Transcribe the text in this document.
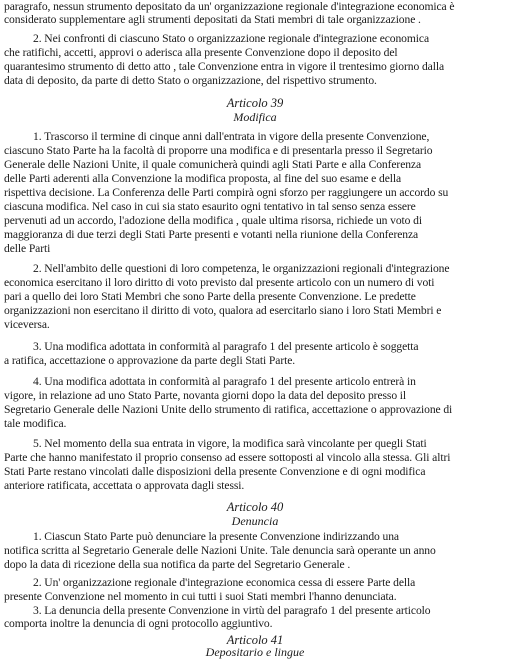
paragrafo, nessun strumento depositato da un' organizzazione regionale d'integrazione economica è
considerato supplementare agli strumenti depositati da Stati membri di tale organizzazione .
2. Nei confronti di ciascuno Stato o organizzazione regionale d'integrazione economica
che ratifichi, accetti, approvi o aderisca alla presente Convenzione dopo il deposito del
quarantesimo strumento di detto atto , tale Convenzione entra in vigore il trentesimo giorno dalla
data di deposito, da parte di detto Stato o organizzazione, del rispettivo strumento.
Articolo 39
Modifica
1. Trascorso il termine di cinque anni dall'entrata in vigore della presente Convenzione,
ciascuno Stato Parte ha la facoltà di proporre una modifica e di presentarla presso il Segretario
Generale delle Nazioni Unite, il quale comunicherà quindi agli Stati Parte e alla Conferenza
delle Parti aderenti alla Convenzione la modifica proposta, al fine del suo esame e della
rispettiva decisione. La Conferenza delle Parti compirà ogni sforzo per raggiungere un accordo su
ciascuna modifica. Nel caso in cui sia stato esaurito ogni tentativo in tal senso senza essere
pervenuti ad un accordo, l'adozione della modifica , quale ultima risorsa, richiede un voto di
maggioranza di due terzi degli Stati Parte presenti e votanti nella riunione della Conferenza
delle Parti
2. Nell'ambito delle questioni di loro competenza, le organizzazioni regionali d'integrazione
economica esercitano il loro diritto di voto previsto dal presente articolo con un numero di voti
pari a quello dei loro Stati Membri che sono Parte della presente Convenzione. Le predette
organizzazioni non esercitano il diritto di voto, qualora ad esercitarlo siano i loro Stati Membri e
viceversa.
3. Una modifica adottata in conformità al paragrafo 1 del presente articolo è soggetta
a ratifica, accettazione o approvazione da parte degli Stati Parte.
4. Una modifica adottata in conformità al paragrafo 1 del presente articolo entrerà in
vigore, in relazione ad uno Stato Parte, novanta giorni dopo la data del deposito presso il
Segretario Generale delle Nazioni Unite dello strumento di ratifica, accettazione o approvazione di
tale modifica.
5. Nel momento della sua entrata in vigore, la modifica sarà vincolante per quegli Stati
Parte che hanno manifestato il proprio consenso ad essere sottoposti al vincolo alla stessa. Gli altri
Stati Parte restano vincolati dalle disposizioni della presente Convenzione e di ogni modifica
anteriore ratificata, accettata o approvata dagli stessi.
Articolo 40
Denuncia
1. Ciascun Stato Parte può denunciare la presente Convenzione indirizzando una
notifica scritta al Segretario Generale delle Nazioni Unite. Tale denuncia sarà operante un anno
dopo la data di ricezione della sua notifica da parte del Segretario Generale .
2. Un' organizzazione regionale d'integrazione economica cessa di essere Parte della
presente Convenzione nel momento in cui tutti i suoi Stati membri l'hanno denunciata.
3. La denuncia della presente Convenzione in virtù del paragrafo 1 del presente articolo
comporta inoltre la denuncia di ogni protocollo aggiuntivo.
Articolo 41
Depositario e lingue
